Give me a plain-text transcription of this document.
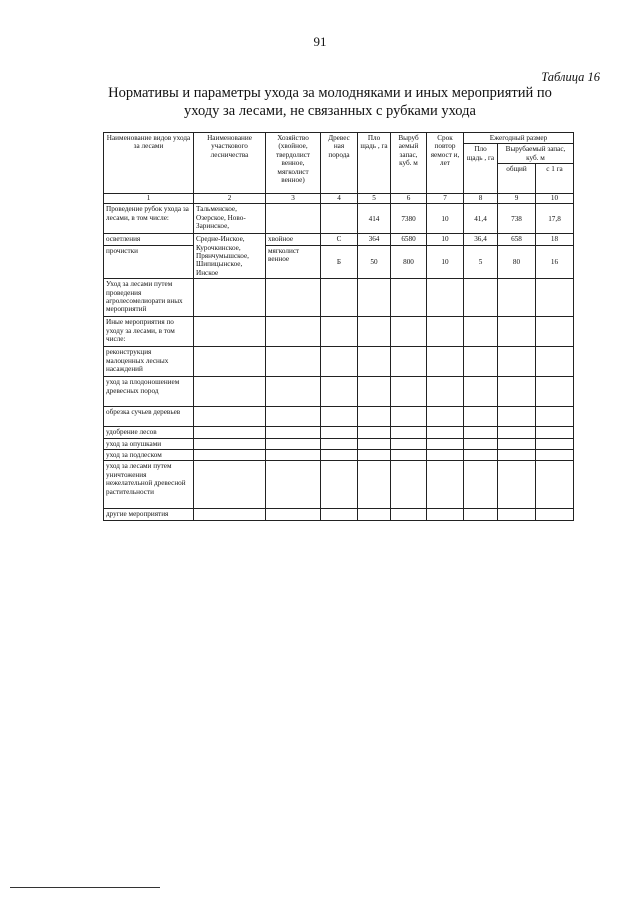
91
Таблица 16
Нормативы и параметры ухода за молодняками и иных мероприятий по уходу за лесами, не связанных с рубками ухода
Наименование видов ухода за лесами	Наименование участкового лесничества	Хозяйство (хвойное, твердолист венное, мягколист венное)	Древес ная порода	Пло щадь , га	Выруб аемый запас, куб. м	Срок повтор яемост и, лет	Ежегодный размер		
							Пло щадь , га	Вырубаемый запас, куб. м	
								общий	с 1 га
1	2	3	4	5	6	7	8	9	10
Проведение рубок ухода за лесами, в том числе:	Тальменское, Озерское, Ново-Заринское,			414	7380	10	41,4	738	17,8
осветления	Средне-Инское, Курочкинское, Прянчумышское, Шипицынское, Инское	хвойное	С	364	6580	10	36,4	658	18
прочистки		мягколист венное	Б	50	800	10	5	80	16
Уход за лесами путем проведения агролесомелиорати вных мероприятий									
Иные мероприятия по уходу за лесами, в том числе:									
реконструкция малоценных лесных насаждений									
уход за плодоношением древесных пород									
обрезка сучьев деревьев									
удобрение лесов									
уход за опушками									
уход за подлеском									
уход за лесами путем уничтожения нежелательной древесной растительности									
другие мероприятия									
